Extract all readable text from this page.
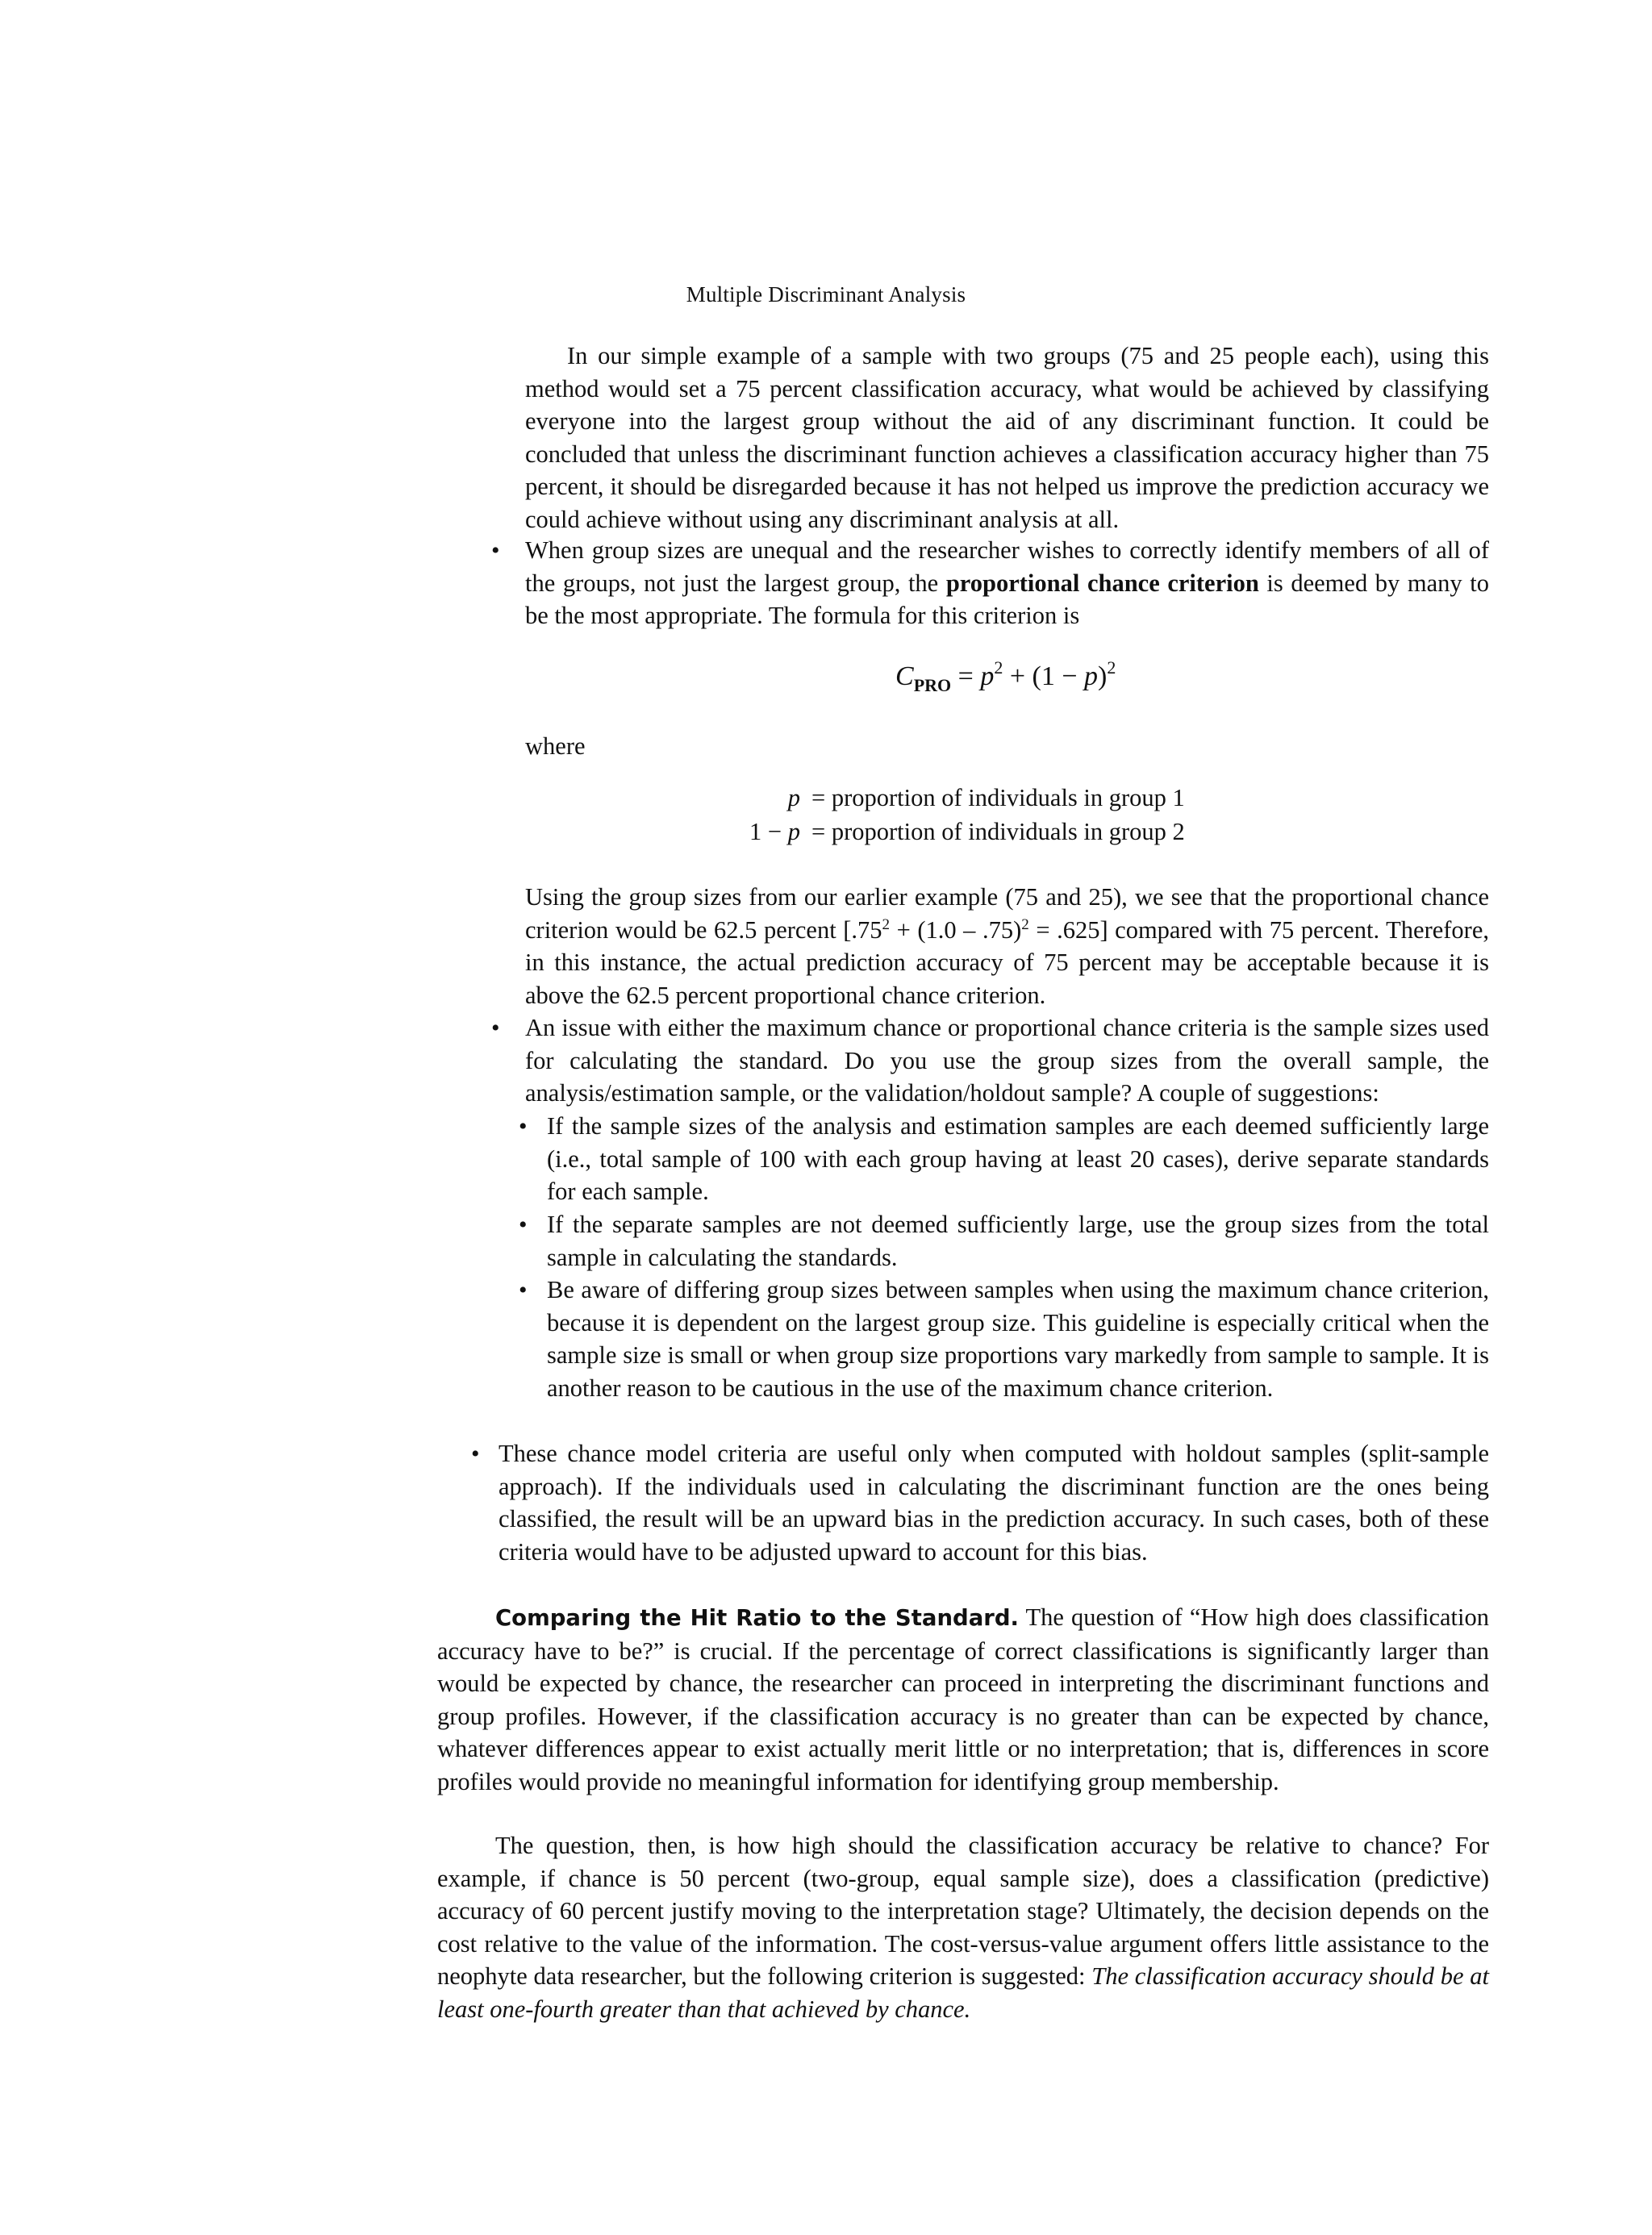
Multiple Discriminant Analysis
In our simple example of a sample with two groups (75 and 25 people each), using this method would set a 75 percent classification accuracy, what would be achieved by classifying everyone into the largest group without the aid of any discriminant function. It could be concluded that unless the discriminant function achieves a classification accuracy higher than 75 percent, it should be disregarded because it has not helped us improve the prediction accuracy we could achieve without using any discriminant analysis at all.
• When group sizes are unequal and the researcher wishes to correctly identify members of all of the groups, not just the largest group, the proportional chance criterion is deemed by many to be the most appropriate. The formula for this criterion is
$C_{PRO} = p^2 + (1 - p)^2$
where
p = proportion of individuals in group 1
1 − p = proportion of individuals in group 2
Using the group sizes from our earlier example (75 and 25), we see that the proportional chance criterion would be 62.5 percent $[.75^2 + (1.0 - .75)^2 = .625]$ compared with 75 percent. Therefore, in this instance, the actual prediction accuracy of 75 percent may be acceptable because it is above the 62.5 percent proportional chance criterion.
• An issue with either the maximum chance or proportional chance criteria is the sample sizes used for calculating the standard. Do you use the group sizes from the overall sample, the analysis/estimation sample, or the validation/holdout sample? A couple of suggestions:
• If the sample sizes of the analysis and estimation samples are each deemed sufficiently large (i.e., total sample of 100 with each group having at least 20 cases), derive separate standards for each sample.
• If the separate samples are not deemed sufficiently large, use the group sizes from the total sample in calculating the standards.
• Be aware of differing group sizes between samples when using the maximum chance criterion, because it is dependent on the largest group size. This guideline is especially critical when the sample size is small or when group size proportions vary markedly from sample to sample. It is another reason to be cautious in the use of the maximum chance criterion.
• These chance model criteria are useful only when computed with holdout samples (split-sample approach). If the individuals used in calculating the discriminant function are the ones being classified, the result will be an upward bias in the prediction accuracy. In such cases, both of these criteria would have to be adjusted upward to account for this bias.
Comparing the Hit Ratio to the Standard. The question of “How high does classification accuracy have to be?” is crucial. If the percentage of correct classifications is significantly larger than would be expected by chance, the researcher can proceed in interpreting the discriminant functions and group profiles. However, if the classification accuracy is no greater than can be expected by chance, whatever differences appear to exist actually merit little or no interpretation; that is, differences in score profiles would provide no meaningful information for identifying group membership.
The question, then, is how high should the classification accuracy be relative to chance? For example, if chance is 50 percent (two-group, equal sample size), does a classification (predictive) accuracy of 60 percent justify moving to the interpretation stage? Ultimately, the decision depends on the cost relative to the value of the information. The cost-versus-value argument offers little assistance to the neophyte data researcher, but the following criterion is suggested: The classification accuracy should be at least one-fourth greater than that achieved by chance.
